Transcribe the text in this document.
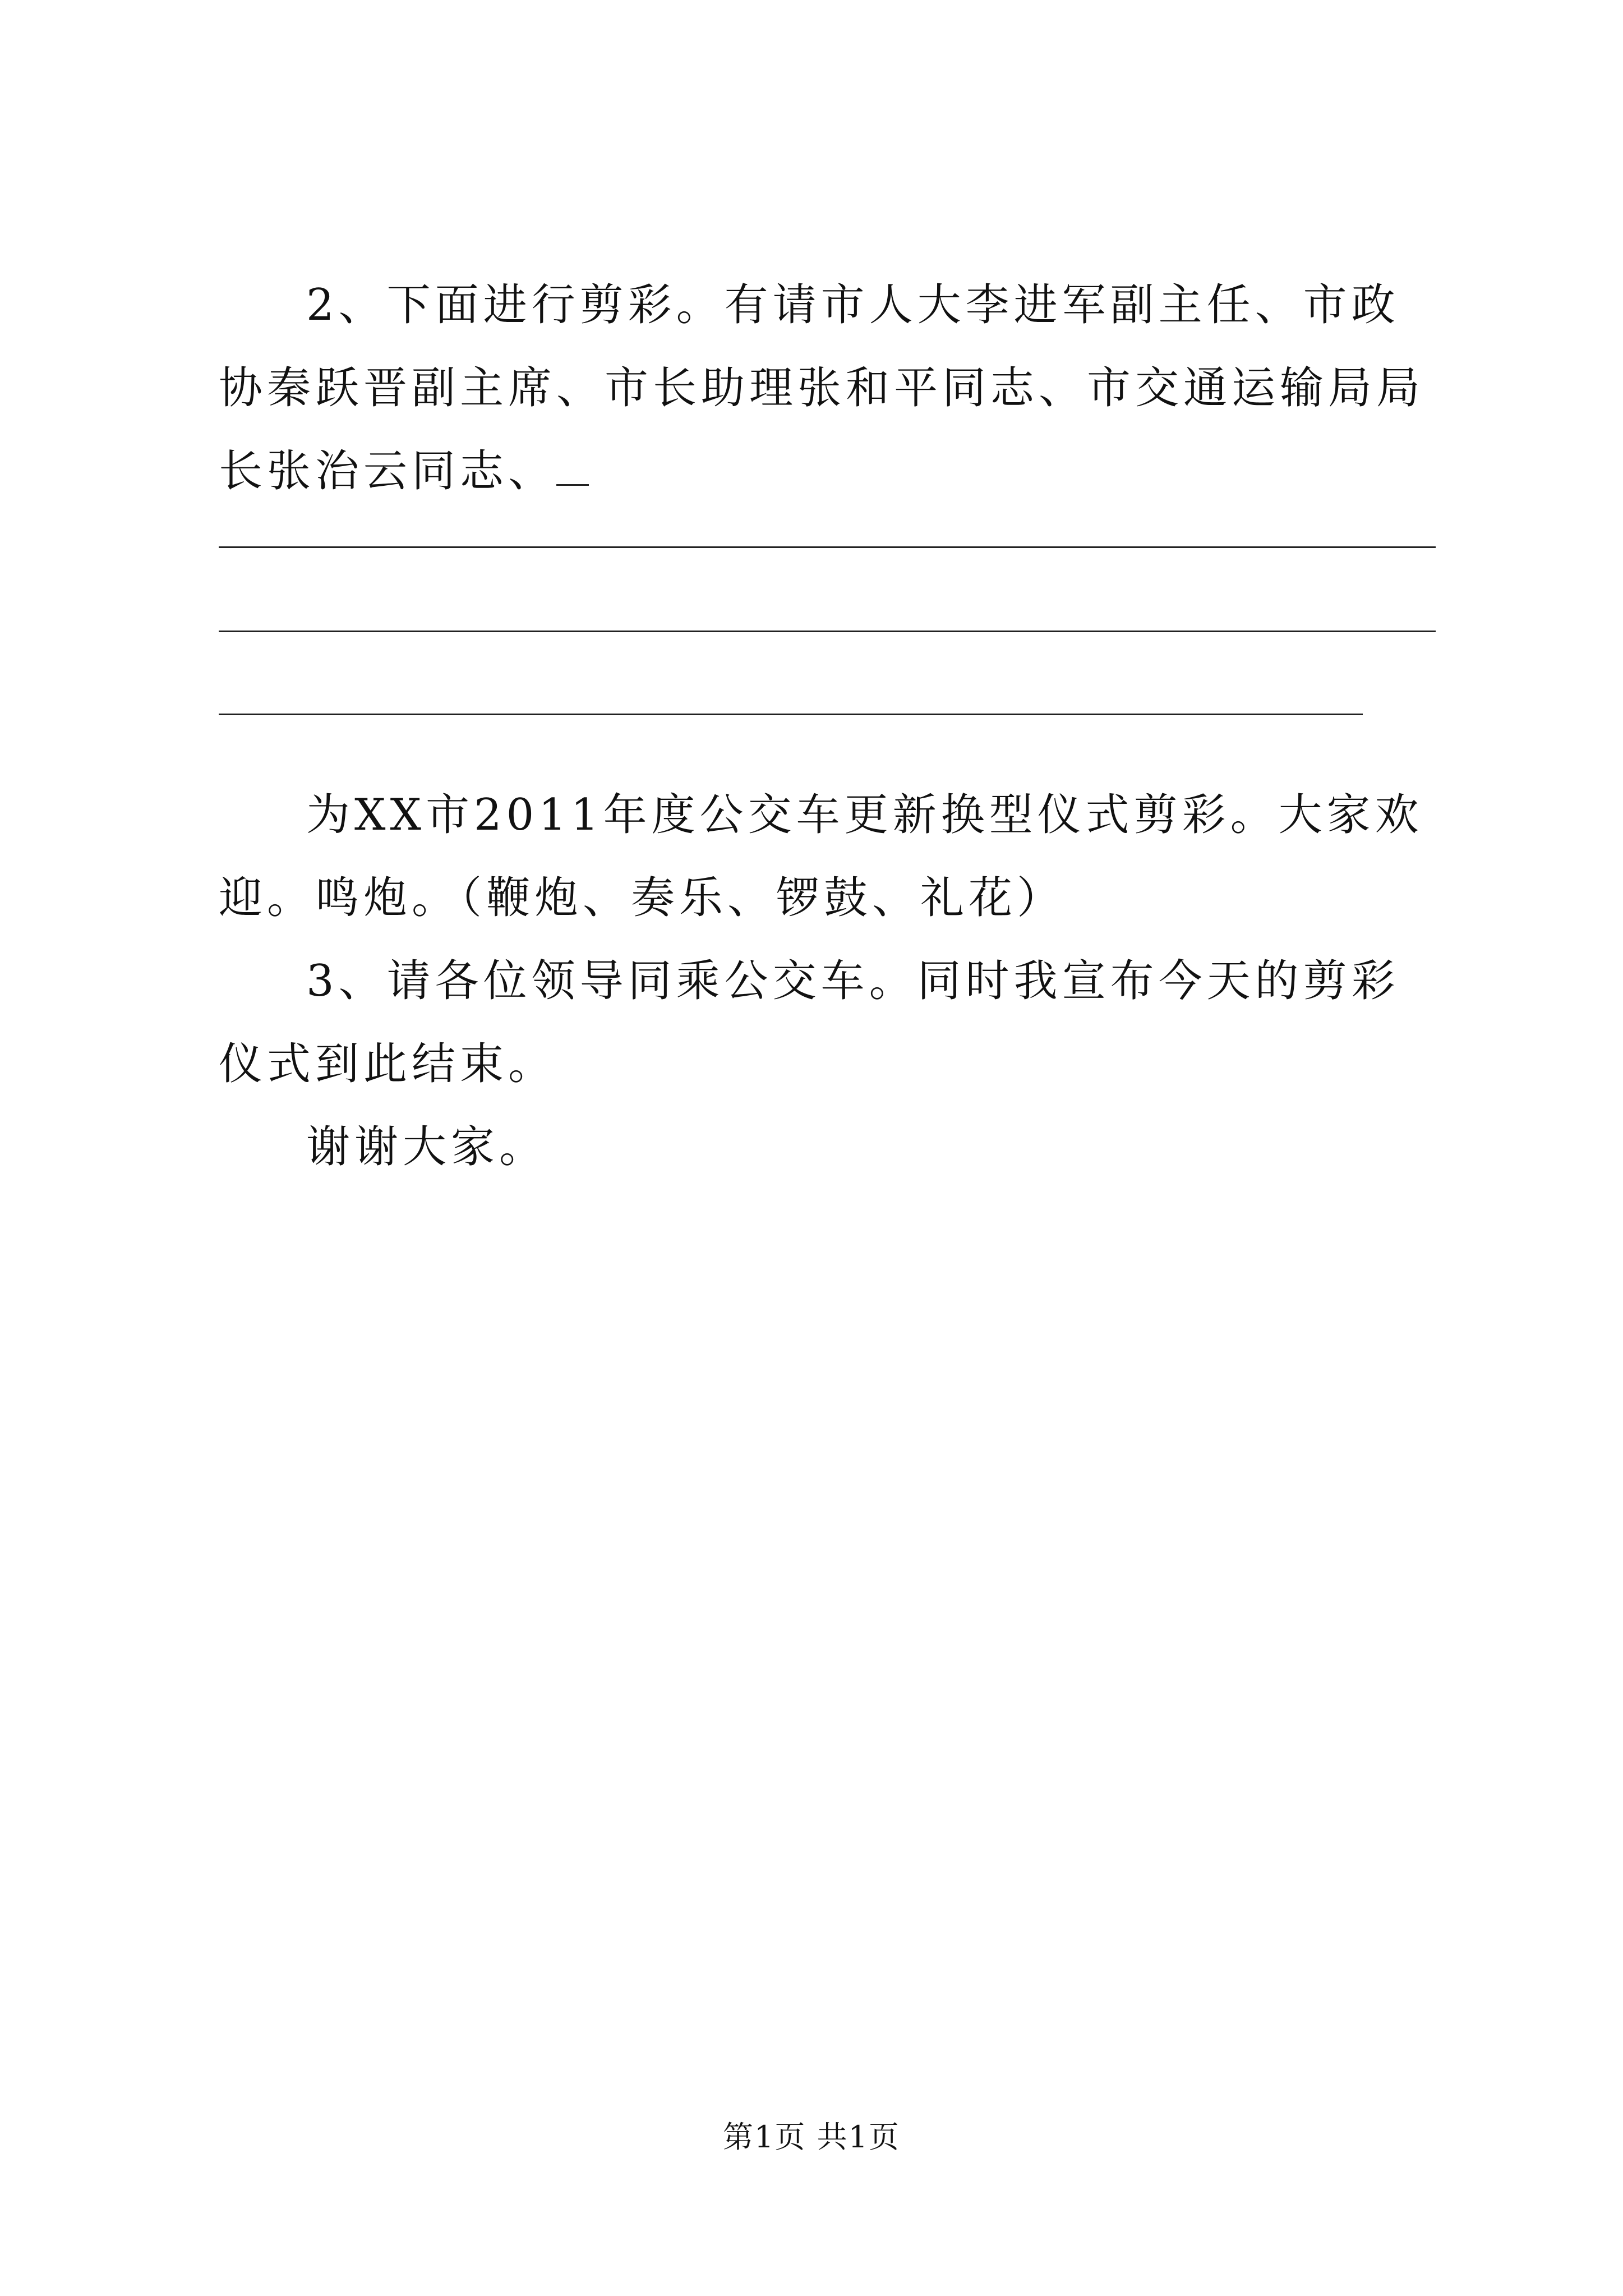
2、下面进行剪彩。有请市人大李进军副主任、市政协秦跃晋副主席、市长助理张和平同志、市交通运输局局长张治云同志、

为XX市2011年度公交车更新换型仪式剪彩。大家欢迎。鸣炮。（鞭炮、奏乐、锣鼓、礼花）

3、请各位领导同乘公交车。同时我宣布今天的剪彩仪式到此结束。

谢谢大家。

第1页 共1页
